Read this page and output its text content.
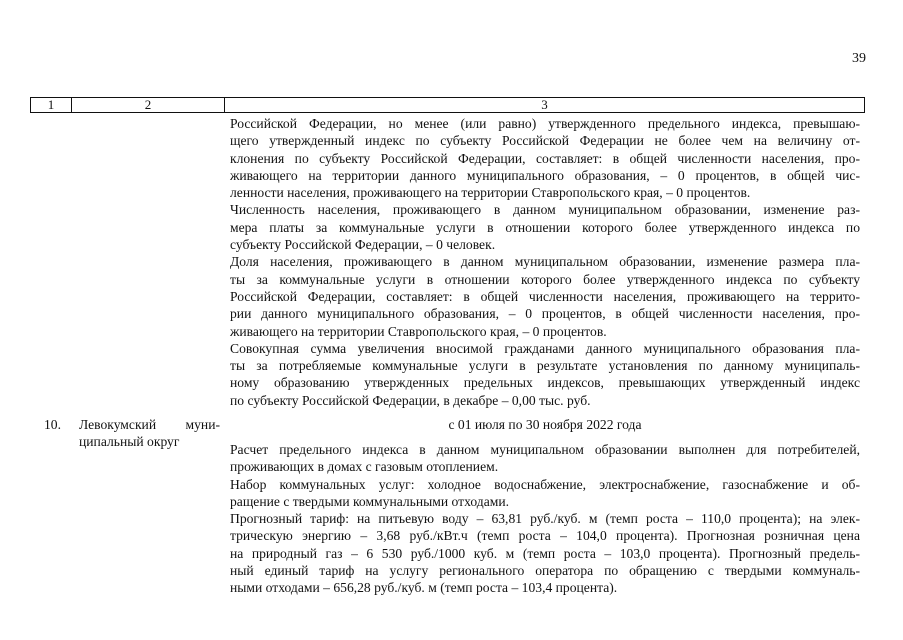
39
1	2	3

Российской Федерации, но менее (или равно) утвержденного предельного индекса, превышаю-
щего утвержденный индекс по субъекту Российской Федерации не более чем на величину от-
клонения по субъекту Российской Федерации, составляет: в общей численности населения, про-
живающего на территории данного муниципального образования, – 0 процентов, в общей чис-
ленности населения, проживающего на территории Ставропольского края, – 0 процентов.

Численность населения, проживающего в данном муниципальном образовании, изменение раз-
мера платы за коммунальные услуги в отношении которого более утвержденного индекса по
субъекту Российской Федерации, – 0 человек.

Доля населения, проживающего в данном муниципальном образовании, изменение размера пла-
ты за коммунальные услуги в отношении которого более утвержденного индекса по субъекту
Российской Федерации, составляет: в общей численности населения, проживающего на террито-
рии данного муниципального образования, – 0 процентов, в общей численности населения, про-
живающего на территории Ставропольского края, – 0 процентов.

Совокупная сумма увеличения вносимой гражданами данного муниципального образования пла-
ты за потребляемые коммунальные услуги в результате установления по данному муниципаль-
ному образованию утвержденных предельных индексов, превышающих утвержденный индекс
по субъекту Российской Федерации, в декабре – 0,00 тыс. руб.

10. Левокумский муни-
ципальный округ
с 01 июля по 30 ноября 2022 года

Расчет предельного индекса в данном муниципальном образовании выполнен для потребителей,
проживающих в домах с газовым отоплением.

Набор коммунальных услуг: холодное водоснабжение, электроснабжение, газоснабжение и об-
ращение с твердыми коммунальными отходами.

Прогнозный тариф: на питьевую воду – 63,81 руб./куб. м (темп роста – 110,0 процента); на элек-
трическую энергию – 3,68 руб./кВт.ч (темп роста – 104,0 процента). Прогнозная розничная цена
на природный газ – 6 530 руб./1000 куб. м (темп роста – 103,0 процента). Прогнозный предель-
ный единый тариф на услугу регионального оператора по обращению с твердыми коммуналь-
ными отходами – 656,28 руб./куб. м (темп роста – 103,4 процента).
